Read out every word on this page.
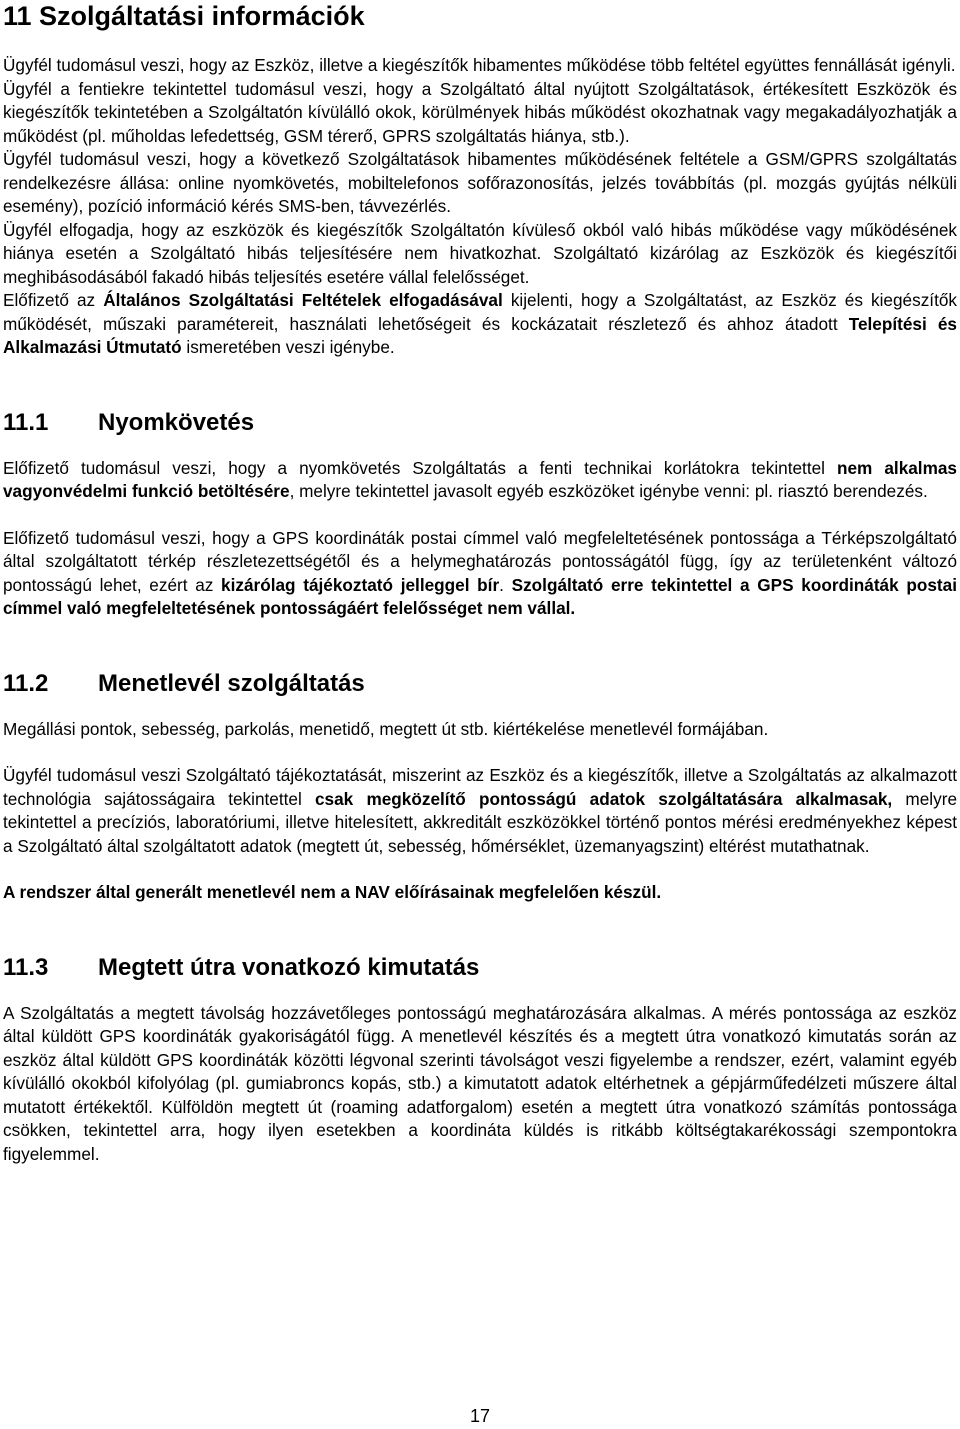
11 Szolgáltatási információk

Ügyfél tudomásul veszi, hogy az Eszköz, illetve a kiegészítők hibamentes működése több feltétel együttes fennállását igényli.

Ügyfél a fentiekre tekintettel tudomásul veszi, hogy a Szolgáltató által nyújtott Szolgáltatások, értékesített Eszközök és kiegészítők tekintetében a Szolgáltatón kívülálló okok, körülmények hibás működést okozhatnak vagy megakadályozhatják a működést (pl. műholdas lefedettség, GSM térerő, GPRS szolgáltatás hiánya, stb.).

Ügyfél tudomásul veszi, hogy a következő Szolgáltatások hibamentes működésének feltétele a GSM/GPRS szolgáltatás rendelkezésre állása: online nyomkövetés, mobiltelefonos sofőrazonosítás, jelzés továbbítás (pl. mozgás gyújtás nélküli esemény), pozíció információ kérés SMS-ben, távvezérlés.

Ügyfél elfogadja, hogy az eszközök és kiegészítők Szolgáltatón kívüleső okból való hibás működése vagy működésének hiánya esetén a Szolgáltató hibás teljesítésére nem hivatkozhat. Szolgáltató kizárólag az Eszközök és kiegészítői meghibásodásából fakadó hibás teljesítés esetére vállal felelősséget.

Előfizető az Általános Szolgáltatási Feltételek elfogadásával kijelenti, hogy a Szolgáltatást, az Eszköz és kiegészítők működését, műszaki paramétereit, használati lehetőségeit és kockázatait részletező és ahhoz átadott Telepítési és Alkalmazási Útmutató ismeretében veszi igénybe.

11.1	Nyomkövetés

Előfizető tudomásul veszi, hogy a nyomkövetés Szolgáltatás a fenti technikai korlátokra tekintettel nem alkalmas vagyonvédelmi funkció betöltésére, melyre tekintettel javasolt egyéb eszközöket igénybe venni: pl. riasztó berendezés.

Előfizető tudomásul veszi, hogy a GPS koordináták postai címmel való megfeleltetésének pontossága a Térképszolgáltató által szolgáltatott térkép részletezettségétől és a helymeghatározás pontosságától függ, így az területenként változó pontosságú lehet, ezért az kizárólag tájékoztató jelleggel bír. Szolgáltató erre tekintettel a GPS koordináták postai címmel való megfeleltetésének pontosságáért felelősséget nem vállal.

11.2	Menetlevél szolgáltatás

Megállási pontok, sebesség, parkolás, menetidő, megtett út stb. kiértékelése menetlevél formájában.

Ügyfél tudomásul veszi Szolgáltató tájékoztatását, miszerint az Eszköz és a kiegészítők, illetve a Szolgáltatás az alkalmazott technológia sajátosságaira tekintettel csak megközelítő pontosságú adatok szolgáltatására alkalmasak, melyre tekintettel a precíziós, laboratóriumi, illetve hitelesített, akkreditált eszközökkel történő pontos mérési eredményekhez képest a Szolgáltató által szolgáltatott adatok (megtett út, sebesség, hőmérséklet, üzemanyagszint) eltérést mutathatnak.

A rendszer által generált menetlevél nem a NAV előírásainak megfelelően készül.

11.3	Megtett útra vonatkozó kimutatás

A Szolgáltatás a megtett távolság hozzávetőleges pontosságú meghatározására alkalmas. A mérés pontossága az eszköz által küldött GPS koordináták gyakoriságától függ. A menetlevél készítés és a megtett útra vonatkozó kimutatás során az eszköz által küldött GPS koordináták közötti légvonal szerinti távolságot veszi figyelembe a rendszer, ezért, valamint egyéb kívülálló okokból kifolyólag (pl. gumiabroncs kopás, stb.) a kimutatott adatok eltérhetnek a gépjárműfedélzeti műszere által mutatott értékektől. Külföldön megtett út (roaming adatforgalom) esetén a megtett útra vonatkozó számítás pontossága csökken, tekintettel arra, hogy ilyen esetekben a koordináta küldés is ritkább költségtakarékossági szempontokra figyelemmel.

17
